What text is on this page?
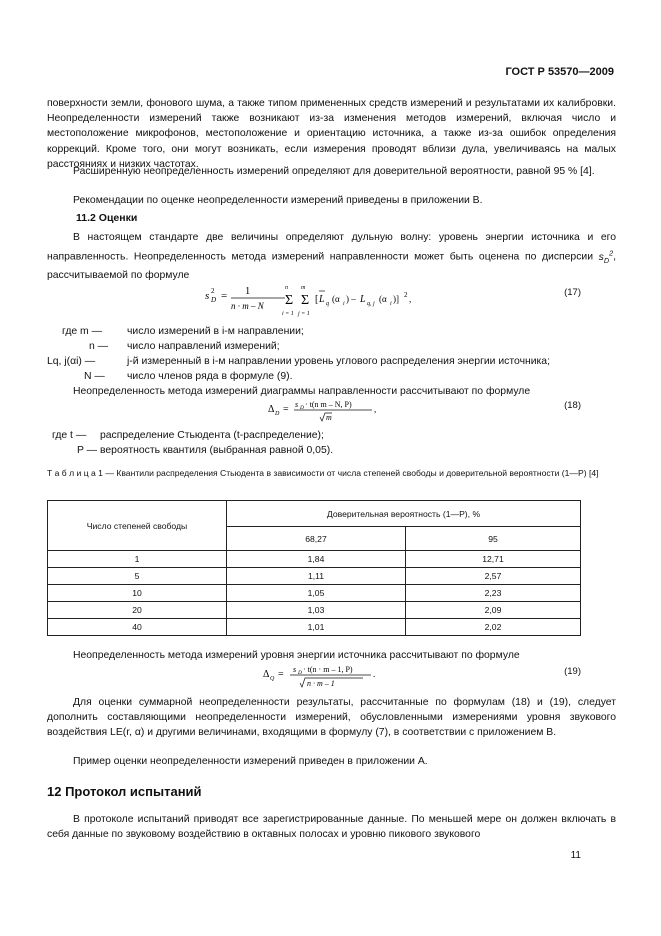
ГОСТ Р 53570—2009

поверхности земли, фонового шума, а также типом примененных средств измерений и результатами их калибровки. Неопределенности измерений также возникают из-за изменения методов измерений, включая число и местоположение микрофонов, местоположение и ориентацию источника, а также из-за ошибок определения коррекций. Кроме того, они могут возникать, если измерения проводят вблизи дула, увеличиваясь на малых расстояниях и низких частотах.

Расширенную неопределенность измерений определяют для доверительной вероятности, равной 95 % [4].

Рекомендации по оценке неопределенности измерений приведены в приложении В.

11.2 Оценки

В настоящем стандарте две величины определяют дульную волну: уровень энергии источника и его направленность. Неопределенность метода измерений направленности может быть оценена по дисперсии $s_D^2$, рассчитываемой по формуле

s 2
D = 1
n · m – N
n
Σ
i = 1
m
Σ
j = 1
[ L q (α i ) – L q, j (α i )] 2 ,
(17)
где m — число измерений в i-м направлении;
n — число направлений измерений;
Lq, j(αi) —	j-й измеренный в i-м направлении уровень углового распределения энергии источника;
N — число членов ряда в формуле (9).

Неопределенность метода измерений диаграммы направленности рассчитывают по формуле

Δ D = s D · t(n m – N, P)
m
,	(18)
где t — распределение Стьюдента (t-распределение);
P — вероятность квантиля (выбранная равной 0,05).
Т а б л и ц а 1 — Квантили распределения Стьюдента в зависимости от числа степеней свободы и доверительной вероятности (1—P) [4]
Число степеней свободы	Доверительная вероятность (1—P), %	
	68,27	95
1	1,84	12,71
5	1,11	2,57
10	1,05	2,23
20	1,03	2,09
40	1,01	2,02

Неопределенность метода измерений уровня энергии источника рассчитывают по формуле

Δ Q = s D · t(n · m – 1, P)
n · m – 1
.	(19)

Для оценки суммарной неопределенности результаты, рассчитанные по формулам (18) и (19), следует дополнить составляющими неопределенности измерений, обусловленными измерениями уровня звукового воздействия LE(r, α) и другими величинами, входящими в формулу (7), в соответствии с приложением В.

Пример оценки неопределенности измерений приведен в приложении А.

12 Протокол испытаний

В протоколе испытаний приводят все зарегистрированные данные. По меньшей мере он должен включать в себя данные по звуковому воздействию в октавных полосах и уровню пикового звукового

11
